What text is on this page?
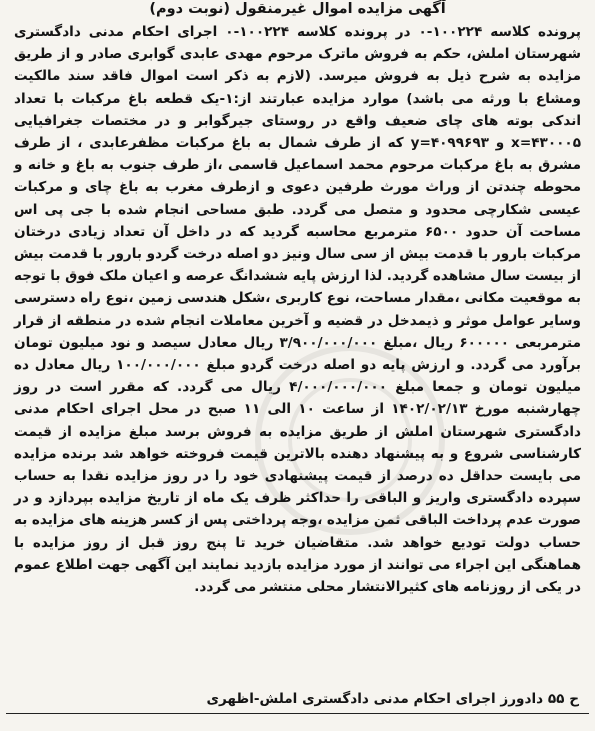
آگهی مزایده اموال غیرمنقول (نوبت دوم)
پرونده کلاسه ۱۰۰۲۲۴-۰ در پرونده کلاسه ۱۰۰۲۲۴-۰ اجرای احکام مدنی دادگستری شهرستان املش، حکم به فروش ماترک مرحوم مهدی عابدی گوابری صادر و از طریق مزایده به شرح ذیل به فروش میرسد. (لازم به ذکر است اموال فاقد سند مالکیت ومشاع با ورثه می باشد) موارد مزایده عبارتند از:۱-یک قطعه باغ مرکبات با تعداد اندکی بوته های چای ضعیف واقع در روستای جیرگوابر و در مختصات جغرافیایی ۴۳۰۰۰۵=x و ۴۰۹۹۶۹۳=y که از طرف شمال به باغ مرکبات مظفرعابدی ، از طرف مشرق به باغ مرکبات مرحوم محمد اسماعیل قاسمی ،از طرف جنوب به باغ و خانه و محوطه چندتن از وراث مورث طرفین دعوی و ازطرف مغرب به باغ چای و مرکبات عیسی شکارچی محدود و متصل می گردد. طبق مساحی انجام شده با جی پی اس مساحت آن حدود ۶۵۰۰ مترمربع محاسبه گردید که در داخل آن تعداد زیادی درختان مرکبات بارور با قدمت بیش از سی سال ونیز دو اصله درخت گردو بارور با قدمت بیش از بیست سال مشاهده گردید. لذا ارزش پایه ششدانگ عرصه و اعیان ملک فوق با توجه به موقعیت مکانی ،مقدار مساحت، نوع کاربری ،شکل هندسی زمین ،نوع راه دسترسی وسایر عوامل موثر و ذیمدخل در قضیه و آخرین معاملات انجام شده در منطقه از قرار مترمربعی ۶۰۰۰۰۰ ریال ،مبلغ ۳/۹۰۰/۰۰۰/۰۰۰ ریال معادل سیصد و نود میلیون تومان برآورد می گردد. و ارزش پایه دو اصله درخت گردو مبلغ ۱۰۰/۰۰۰/۰۰۰ ریال معادل ده میلیون تومان و جمعا مبلغ ۴/۰۰۰/۰۰۰/۰۰۰ ریال می گردد. که مقرر است در روز چهارشنبه مورخ ۱۴۰۲/۰۲/۱۳ از ساعت ۱۰ الی ۱۱ صبح در محل اجرای احکام مدنی دادگستری شهرستان املش از طریق مزایده به فروش برسد مبلغ مزایده از قیمت کارشناسی شروع و به پیشنهاد دهنده بالاترین قیمت فروخته خواهد شد برنده مزایده می بایست حداقل ده درصد از قیمت پیشنهادی خود را در روز مزایده نقدا به حساب سپرده دادگستری واریز و الباقی را حداکثر ظرف یک ماه از تاریخ مزایده بپردازد و در صورت عدم پرداخت الباقی ثمن مزایده ،وجه پرداختی پس از کسر هزینه های مزایده به حساب دولت تودیع خواهد شد. متقاضیان خرید تا پنج روز قبل از روز مزایده با هماهنگی این اجراء می توانند از مورد مزایده بازدید نمایند این آگهی جهت اطلاع عموم در یکی از روزنامه های کثیرالانتشار محلی منتشر می گردد.
ح ۵۵ دادورز اجرای احکام مدنی دادگستری املش-اظهری
